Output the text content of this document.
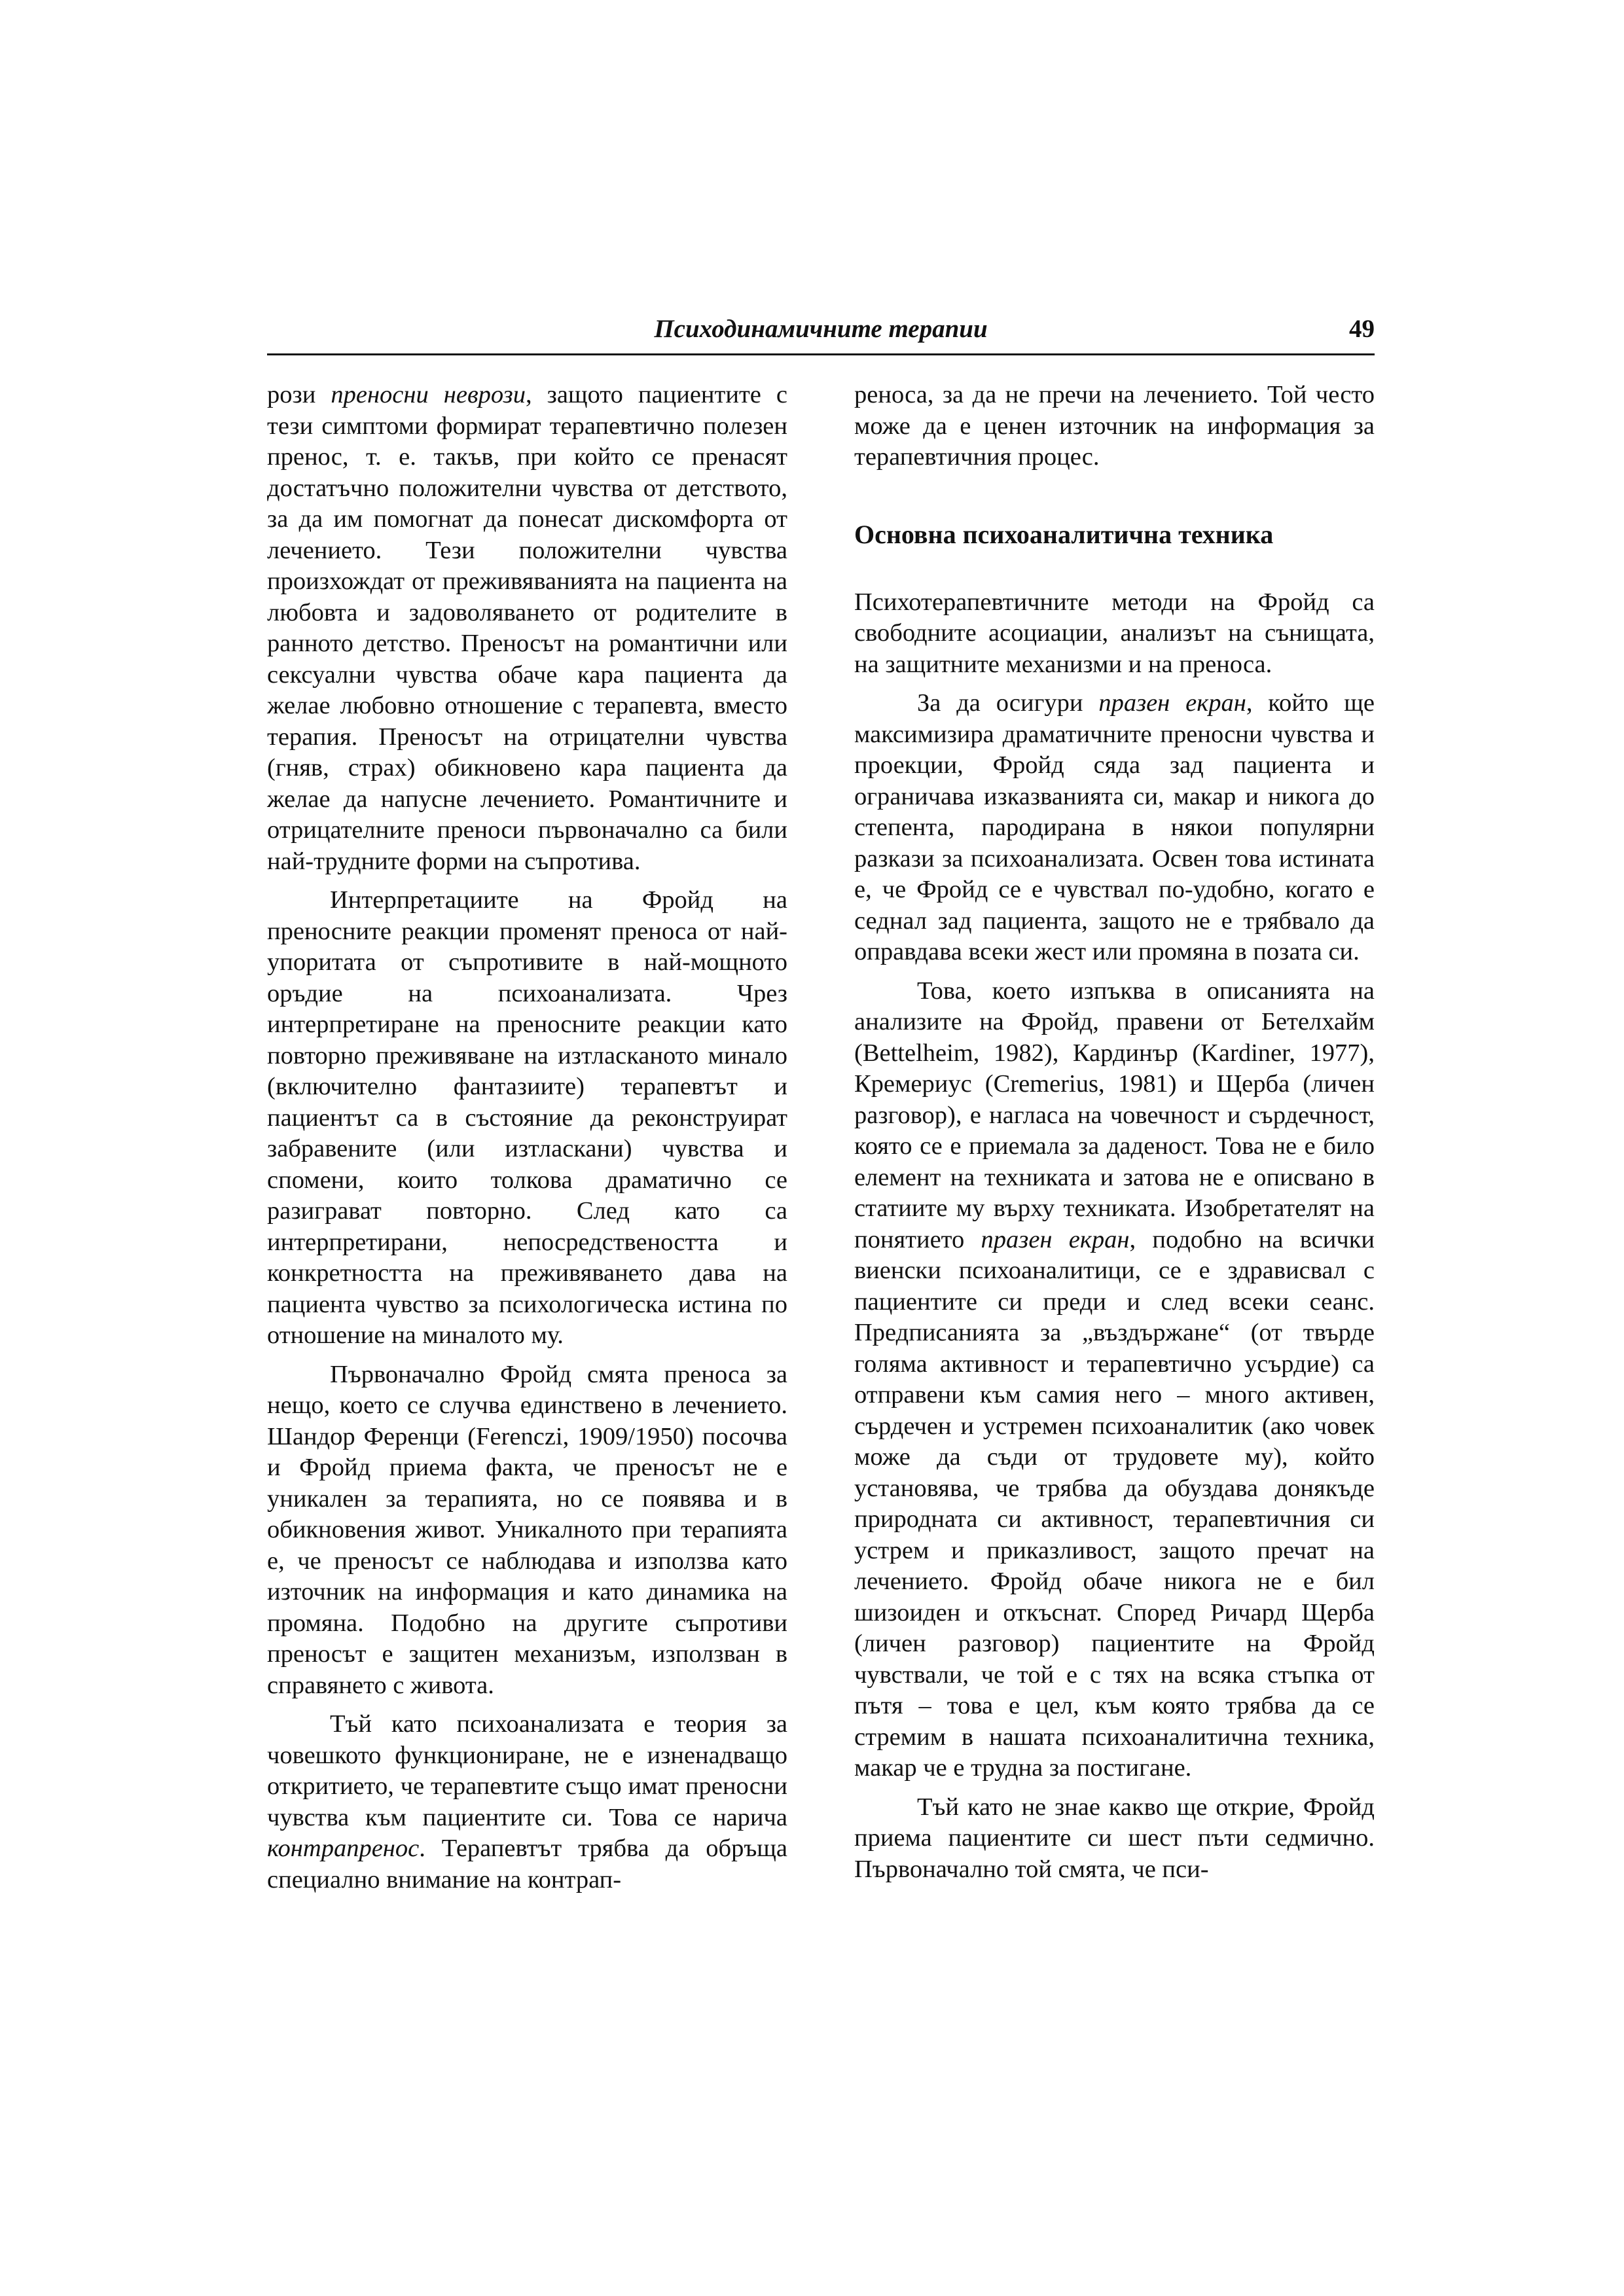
Психодинамичните терапии	49

рози преносни неврози, защото пациентите с тези симптоми формират терапевтично полезен пренос, т. е. такъв, при който се пренасят достатъчно положителни чувства от детството, за да им помогнат да понесат дискомфорта от лечението. Тези положителни чувства произхождат от преживяванията на пациента на любовта и задоволяването от родителите в ранното детство. Преносът на романтични или сексуални чувства обаче кара пациента да желае любовно отношение с терапевта, вместо терапия. Преносът на отрицателни чувства (гняв, страх) обикновено кара пациента да желае да напусне лечението. Романтичните и отрицателните преноси първоначално са били най-трудните форми на съпротива.

Интерпретациите на Фройд на преносните реакции променят преноса от най-упоритата от съпротивите в най-мощното оръдие на психоанализата. Чрез интерпретиране на преносните реакции като повторно преживяване на изтласканото минало (включително фантазиите) терапевтът и пациентът са в състояние да реконструират забравените (или изтласкани) чувства и спомени, които толкова драматично се разиграват повторно. След като са интерпретирани, непосредствеността и конкретността на преживяването дава на пациента чувство за психологическа истина по отношение на миналото му.

Първоначално Фройд смята преноса за нещо, което се случва единствено в лечението. Шандор Ференци (Ferenczi, 1909/1950) посочва и Фройд приема факта, че преносът не е уникален за терапията, но се появява и в обикновения живот. Уникалното при терапията е, че преносът се наблюдава и използва като източник на информация и като динамика на промяна. Подобно на другите съпротиви преносът е защитен механизъм, използван в справянето с живота.

Тъй като психоанализата е теория за човешкото функциониране, не е изненадващо откритието, че терапевтите също имат преносни чувства към пациентите си. Това се нарича контрапренос. Терапевтът трябва да обръща специално внимание на контрап-

реноса, за да не пречи на лечението. Той често може да е ценен източник на информация за терапевтичния процес.

Основна психоаналитична техника

Психотерапевтичните методи на Фройд са свободните асоциации, анализът на сънищата, на защитните механизми и на преноса.

За да осигури празен екран, който ще максимизира драматичните преносни чувства и проекции, Фройд сяда зад пациента и ограничава изказванията си, макар и никога до степента, пародирана в някои популярни разкази за психоанализата. Освен това истината е, че Фройд се е чувствал по-удобно, когато е седнал зад пациента, защото не е трябвало да оправдава всеки жест или промяна в позата си.

Това, което изпъква в описанията на анализите на Фройд, правени от Бетелхайм (Bettelheim, 1982), Кардинър (Kardiner, 1977), Кремериус (Cremerius, 1981) и Щерба (личен разговор), е нагласа на човечност и сърдечност, която се е приемала за даденост. Това не е било елемент на техниката и затова не е описвано в статиите му върху техниката. Изобретателят на понятието празен екран, подобно на всички виенски психоаналитици, се е здрависвал с пациентите си преди и след всеки сеанс. Предписанията за „въздържане“ (от твърде голяма активност и терапевтично усърдие) са отправени към самия него – много активен, сърдечен и устремен психоаналитик (ако човек може да съди от трудовете му), който установява, че трябва да обуздава донякъде природната си активност, терапевтичния си устрем и приказливост, защото пречат на лечението. Фройд обаче никога не е бил шизоиден и откъснат. Според Ричард Щерба (личен разговор) пациентите на Фройд чувствали, че той е с тях на всяка стъпка от пътя – това е цел, към която трябва да се стремим в нашата психоаналитична техника, макар че е трудна за постигане.

Тъй като не знае какво ще открие, Фройд приема пациентите си шест пъти седмично. Първоначално той смята, че пси-
